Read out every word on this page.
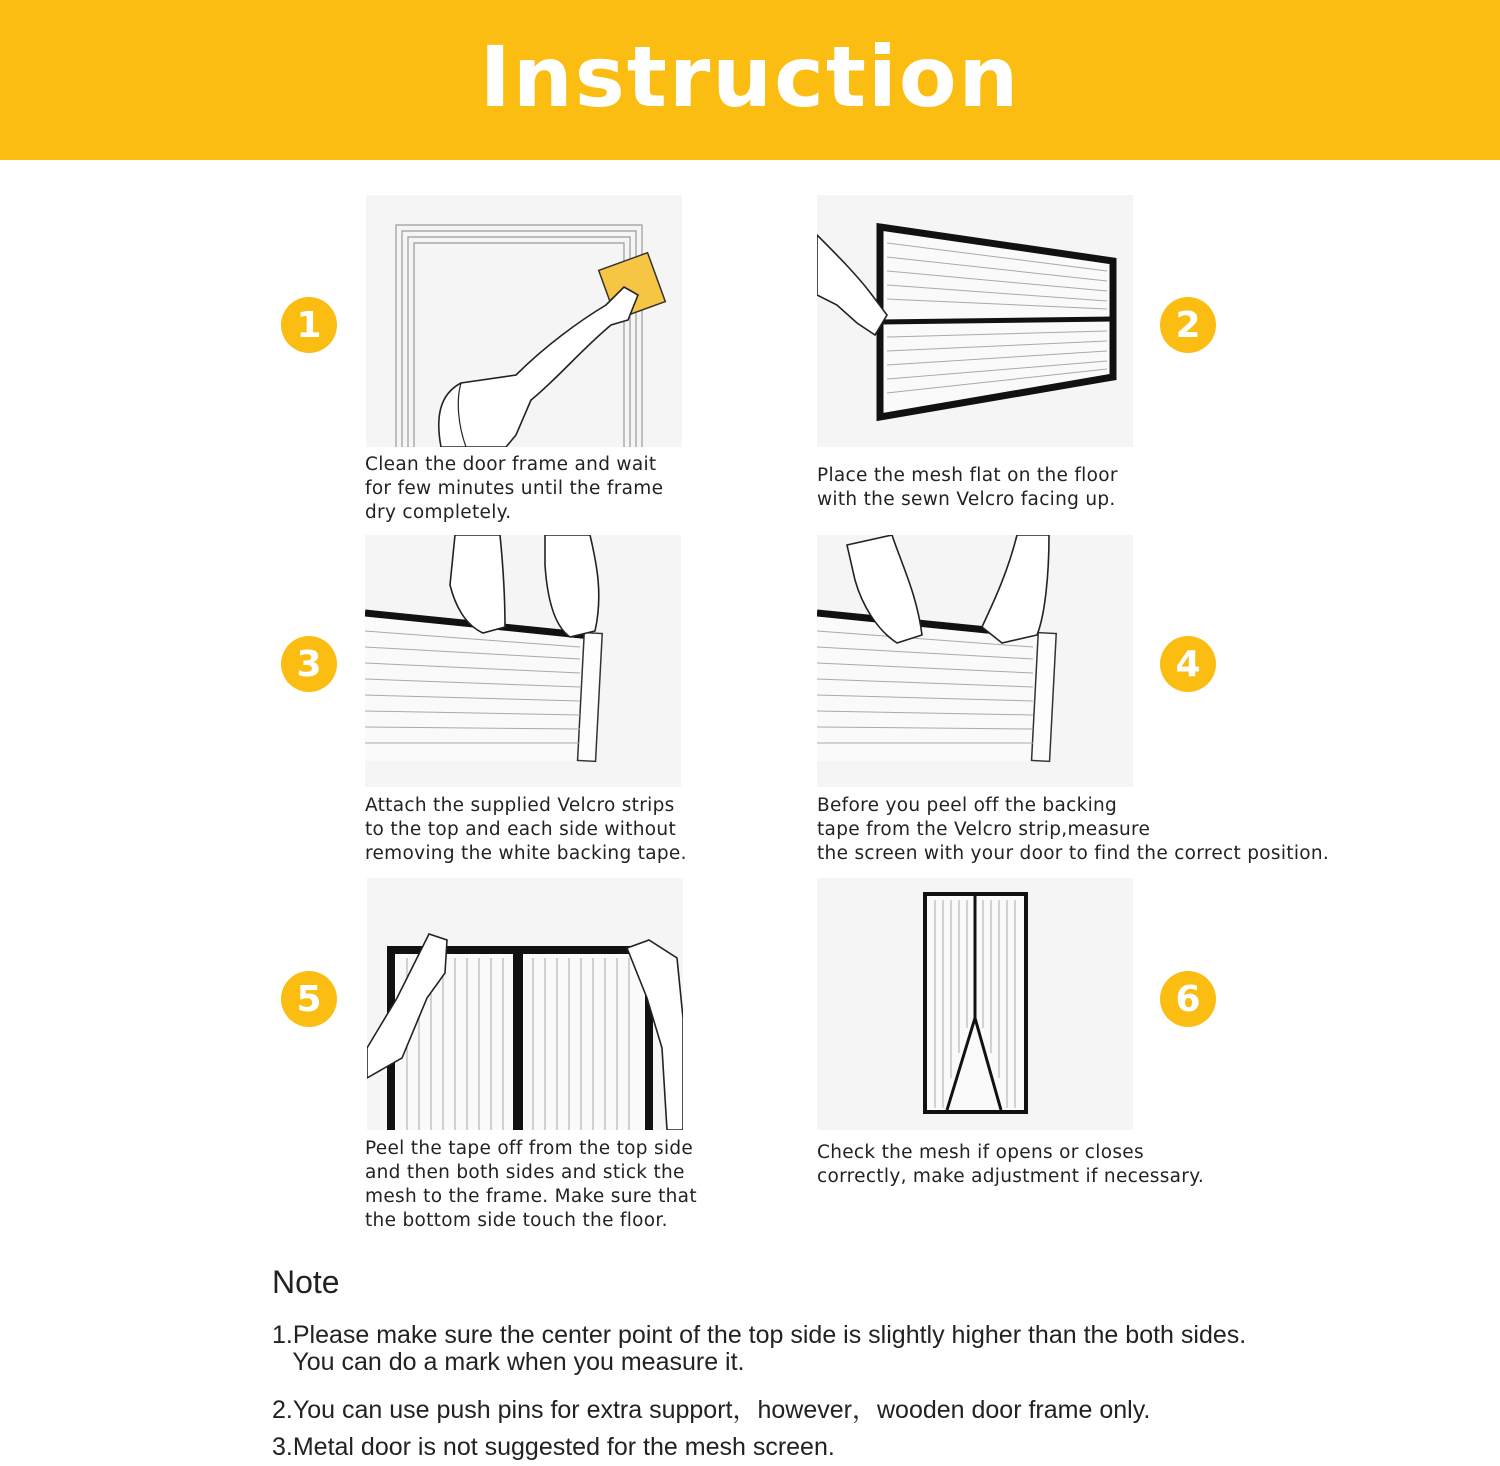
Instruction
1
Clean the door frame and wait
for few minutes until the frame
dry completely.
2
Place the mesh flat on the floor
with the sewn Velcro facing up.
3
Attach the supplied Velcro strips
to the top and each side without
removing the white backing tape.
4
Before you peel off the backing
tape from the Velcro strip,measure
the screen with your door to find the correct position.
5
Peel the tape off from the top side
and then both sides and stick the
mesh to the frame. Make sure that
the bottom side touch the floor.
6
Check the mesh if opens or closes
correctly, make adjustment if necessary.
Note
1.Please make sure the center point of the top side is slightly higher than the both sides.
You can do a mark when you measure it.
2.You can use push pins for extra support，however，wooden door frame only.
3.Metal door is not suggested for the mesh screen.
